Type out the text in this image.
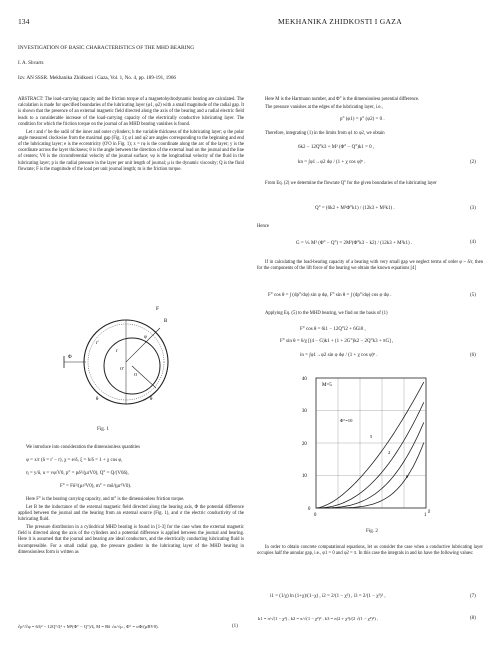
134	MEKHANIKA ZHIDKOSTI I GAZA
INVESTIGATION OF BASIC CHARACTERISTICS OF THE MHD BEARING
I. A. Shvarts
Izv. AN SSSR. Mekhanika Zhidkosti i Gaza, Vol. 1, No. 4, pp. 189-191, 1966

ABSTRACT: The load-carrying capacity and the friction torque of a magnetohydrodynamic bearing are calculated. The calculation is made for specified boundaries of the lubricating layer (φ1, φ2) with a small magnitude of the radial gap. It is shown that the presence of an external magnetic field directed along the axis of the bearing and a radial electric field leads to a considerable increase of the load-carrying capacity of the electrically conductive lubricating layer. The condition for which the friction torque on the journal of an MHD bearing vanishes is found.

Let r and r' be the radii of the inner and outer cylinders; h the variable thickness of the lubricating layer; φ the polar angle measured clockwise from the maximal gap (Fig. 1); φ1 and φ2 are angles corresponding to the beginning and end of the lubricating layer; e is the eccentricity (O'O in Fig. 1); x = rφ is the coordinate along the arc of the layer; y is the coordinate across the layer thickness; θ is the angle between the direction of the external load on the journal and the line of centers; V0 is the circumferential velocity of the journal surface; vφ is the longitudinal velocity of the fluid in the lubricating layer; p is the radial pressure in the layer per unit length of journal; μ is the dynamic viscosity; Q is the fluid flowrate; F is the magnitude of the load per unit journal length; m is the friction torque.

F
B
φ
r
r'
O'
O
θ
Φ
θ
Fig. 1

We introduce into consideration the dimensionless quantities

φ = x/r (δ = r' − r), χ = e/δ, ξ = h/δ = 1 + χ cos φ,
η = y/δ, u = vφ/V0, p° = pδ²/(μrV0), Q° = Q/(V0δ),
F° = Fδ²/(μr²V0), m° = mδ/(μr²V0).

Here F° is the bearing carrying capacity, and m° is the dimensionless friction torque.

Let B be the inductance of the external magnetic field directed along the bearing axis, Φ the potential difference applied between the journal and the bearing from an external source (Fig. 1), and σ the electric conductivity of the lubricating fluid.

The pressure distribution in a cylindrical MHD bearing is found in [1-3] for the case when the external magnetic field is directed along the axis of the cylinders and a potential difference is applied between the journal and bearing. Here it is assumed that the journal and bearing are ideal conductors, and the electrically conducting lubricating fluid is incompressible. For a small radial gap, the pressure gradient in the lubricating layer of the MHD bearing in dimensionless form is written as

∂p°/∂φ = 6/ξ² − 12Q°/ξ³ + M²(Φ° − Q°)/ξ, M = Bδ √σ/√μ , Φ° = σΦ/(μBV0).	(1)

Here M is the Hartmann number, and Φ° is the dimensionless potential difference.

The pressure vanishes at the edges of the lubricating layer, i.e.,

p° (φ1) = p° (φ2) = 0 .

Therefore, integrating (1) in the limits from φ1 to φ2, we obtain

6k2 − 12Q°k3 + M² (Φ° − Q°)k1 = 0 ,
kn = ∫φ1→φ2 dφ / (1 + χ cos φ)ⁿ .	(2)

From Eq. (2) we determine the flowrate Q° for the given boundaries of the lubricating layer

Q° = (6k2 + M²Φ°k1) / (12k3 + M²k1) .	(3)

Hence

G = ⅙ M² (Φ° − Q°) = 2M²(Φ°k3 − k2) / (12k3 + M²k1) .	(4)

If in calculating the load-bearing capacity of a bearing with very small gap we neglect terms of order φ ~ δ/r, then for the components of the lift force of the bearing we obtain the known equations [4]

F° cos θ = ∫ (dp°/dφ) sin φ dφ, F° sin θ = ∫ (dp°/dφ) cos φ dφ .	(5)

Applying Eq. (5) to the MHD bearing, we find on the basis of (1)

F° cos θ = 6i1 − 12Q°i2 + 6Gi0 ,
F° sin θ = 6/χ [(4 − G)k1 + (1 + 2G°)k2 − 2Q°k3 + πG] ,
in = ∫φ1→φ2 sin φ dφ / (1 + χ cos φ)ⁿ .	(6)
40
30
20
10
0
0	1
χ
M=5
Φ°=10
5
2
0
Fig. 2

In order to obtain concrete computational equations, let us consider the case when a conductive lubricating layer occupies half the annular gap, i.e., φ1 = 0 and φ2 = π. In this case the integrals in and kn have the following values:

i1 = (1/χ) ln (1+χ)/(1−χ) , i2 = 2/(1 − χ²) , i3 = 2/(1 − χ²)² ,	(7)
k1 = π/√(1 − χ²) , k2 = π/√(1 − χ²)³ , k3 = π(2 + χ²)/(2 √(1 − χ²)⁵) ,	(8)
